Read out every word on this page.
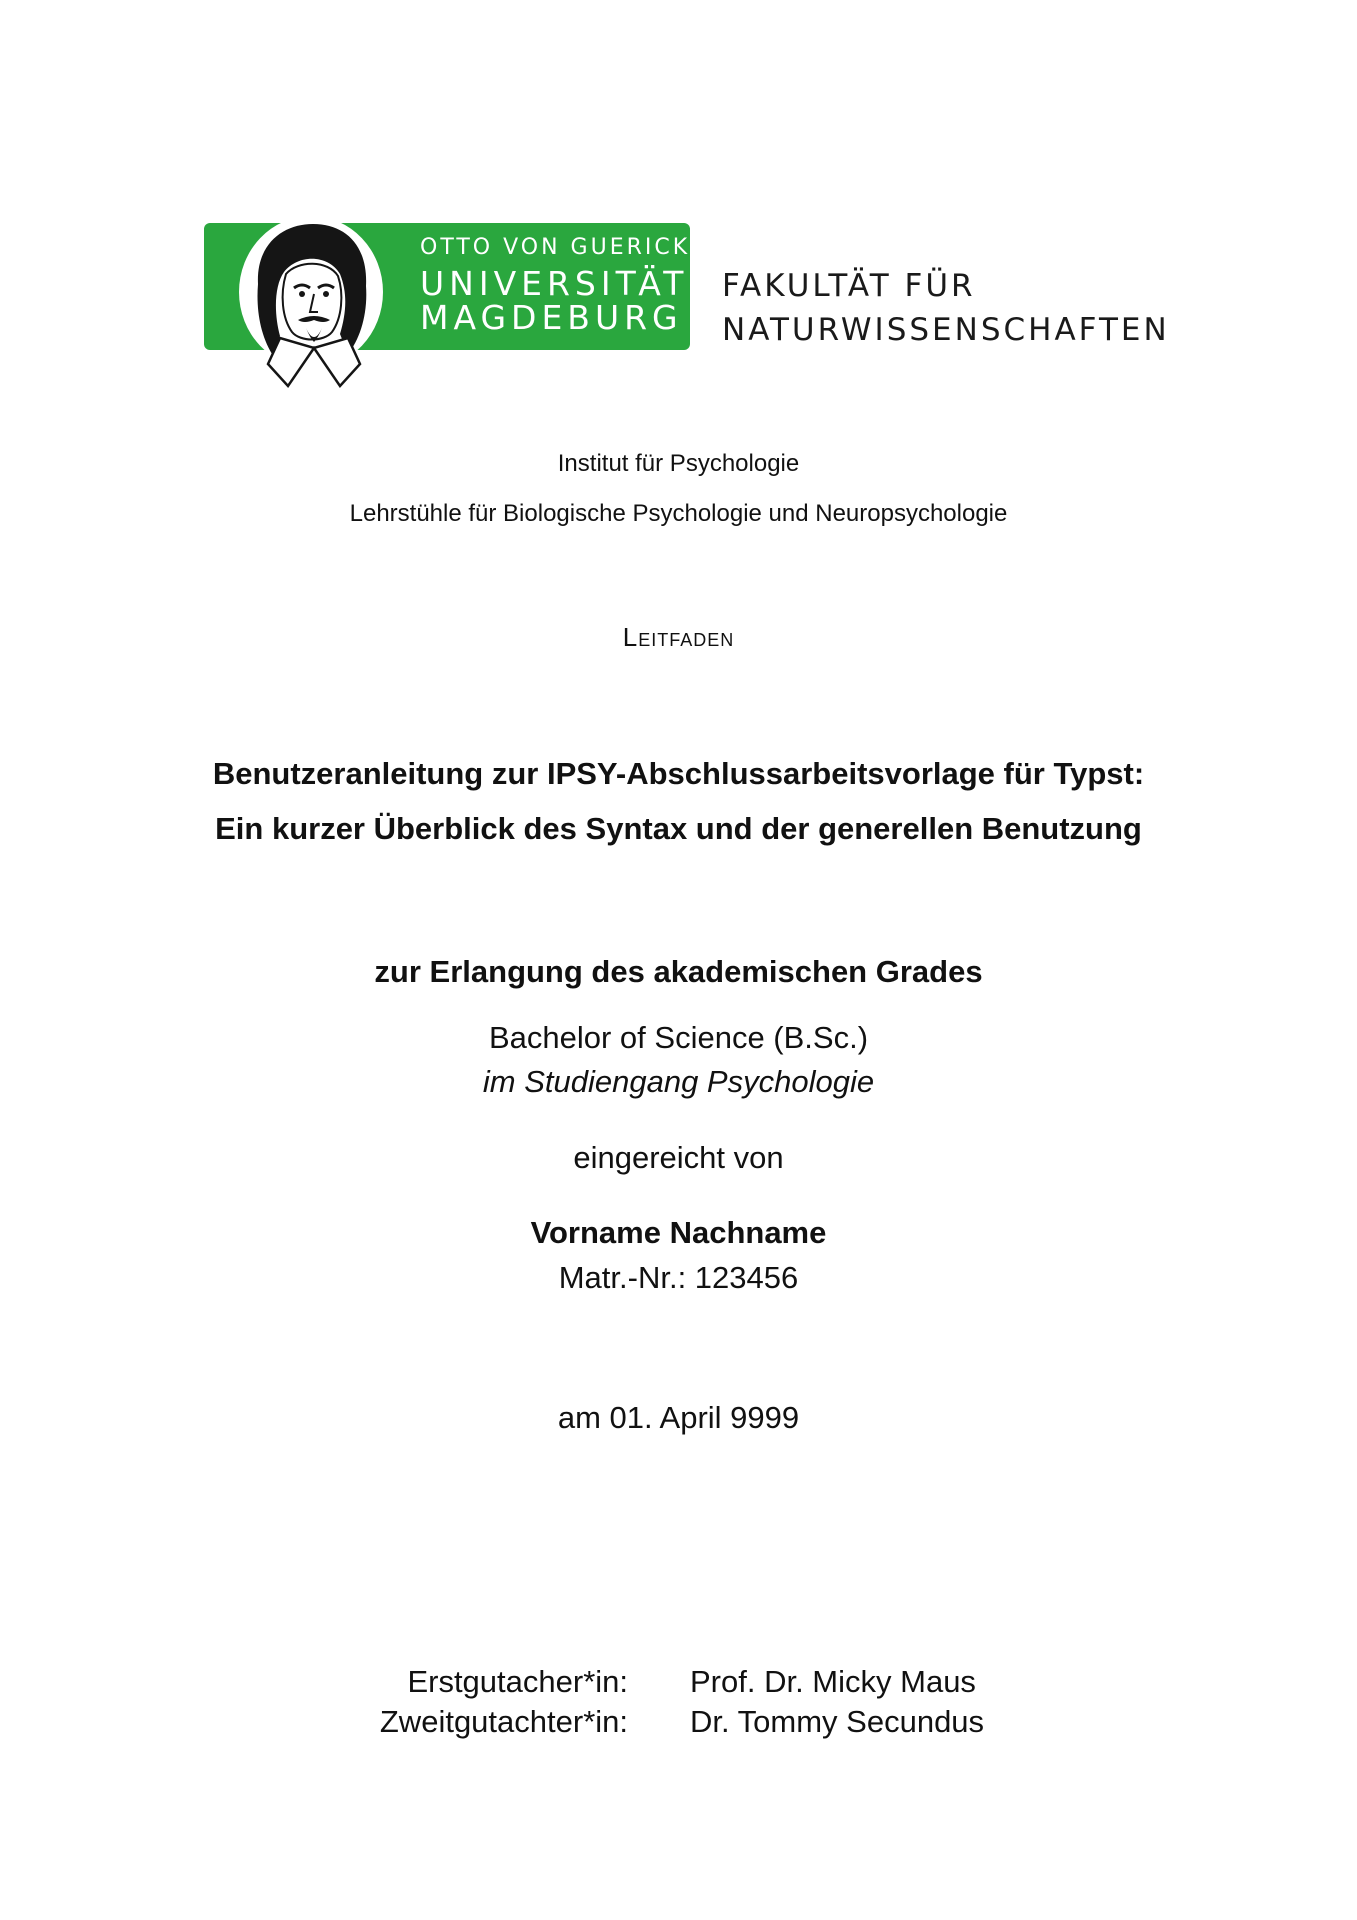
OTTO VON GUERICKE
UNIVERSITÄT
MAGDEBURG
FAKULTÄT FÜR
NATURWISSENSCHAFTEN
Institut für Psychologie
Lehrstühle für Biologische Psychologie und Neuropsychologie
Leitfaden
Benutzeranleitung zur IPSY-Abschlussarbeitsvorlage für Typst:
Ein kurzer Überblick des Syntax und der generellen Benutzung
zur Erlangung des akademischen Grades
Bachelor of Science (B.Sc.)
im Studiengang Psychologie
eingereicht von
Vorname Nachname
Matr.-Nr.: 123456
am 01. April 9999
Erstgutacher*in: Prof. Dr. Micky Maus
Zweitgutachter*in: Dr. Tommy Secundus
